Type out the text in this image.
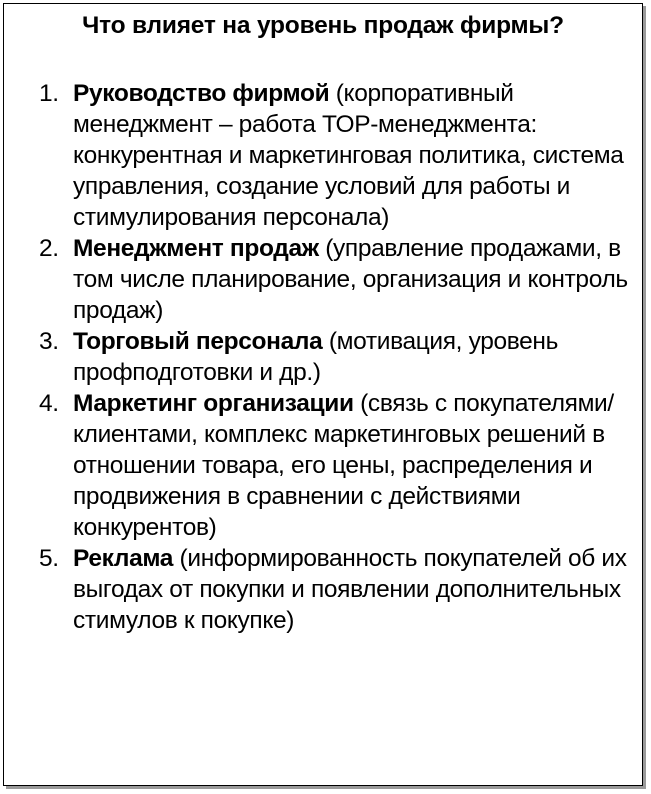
Что влияет на уровень продаж фирмы?
1. Руководство фирмой (корпоративный менеджмент – работа ТОР-менеджмента: конкурентная и маркетинговая политика, система управления, создание условий для работы и стимулирования персонала)
2. Менеджмент продаж (управление продажами, в том числе планирование, организация и контроль продаж)
3. Торговый персонала (мотивация, уровень профподготовки и др.)
4. Маркетинг организации (связь с покупателями/ клиентами, комплекс маркетинговых решений в отношении товара, его цены, распределения и продвижения в сравнении с действиями конкурентов)
5. Реклама (информированность покупателей об их выгодах от покупки и появлении дополнительных стимулов к покупке)
